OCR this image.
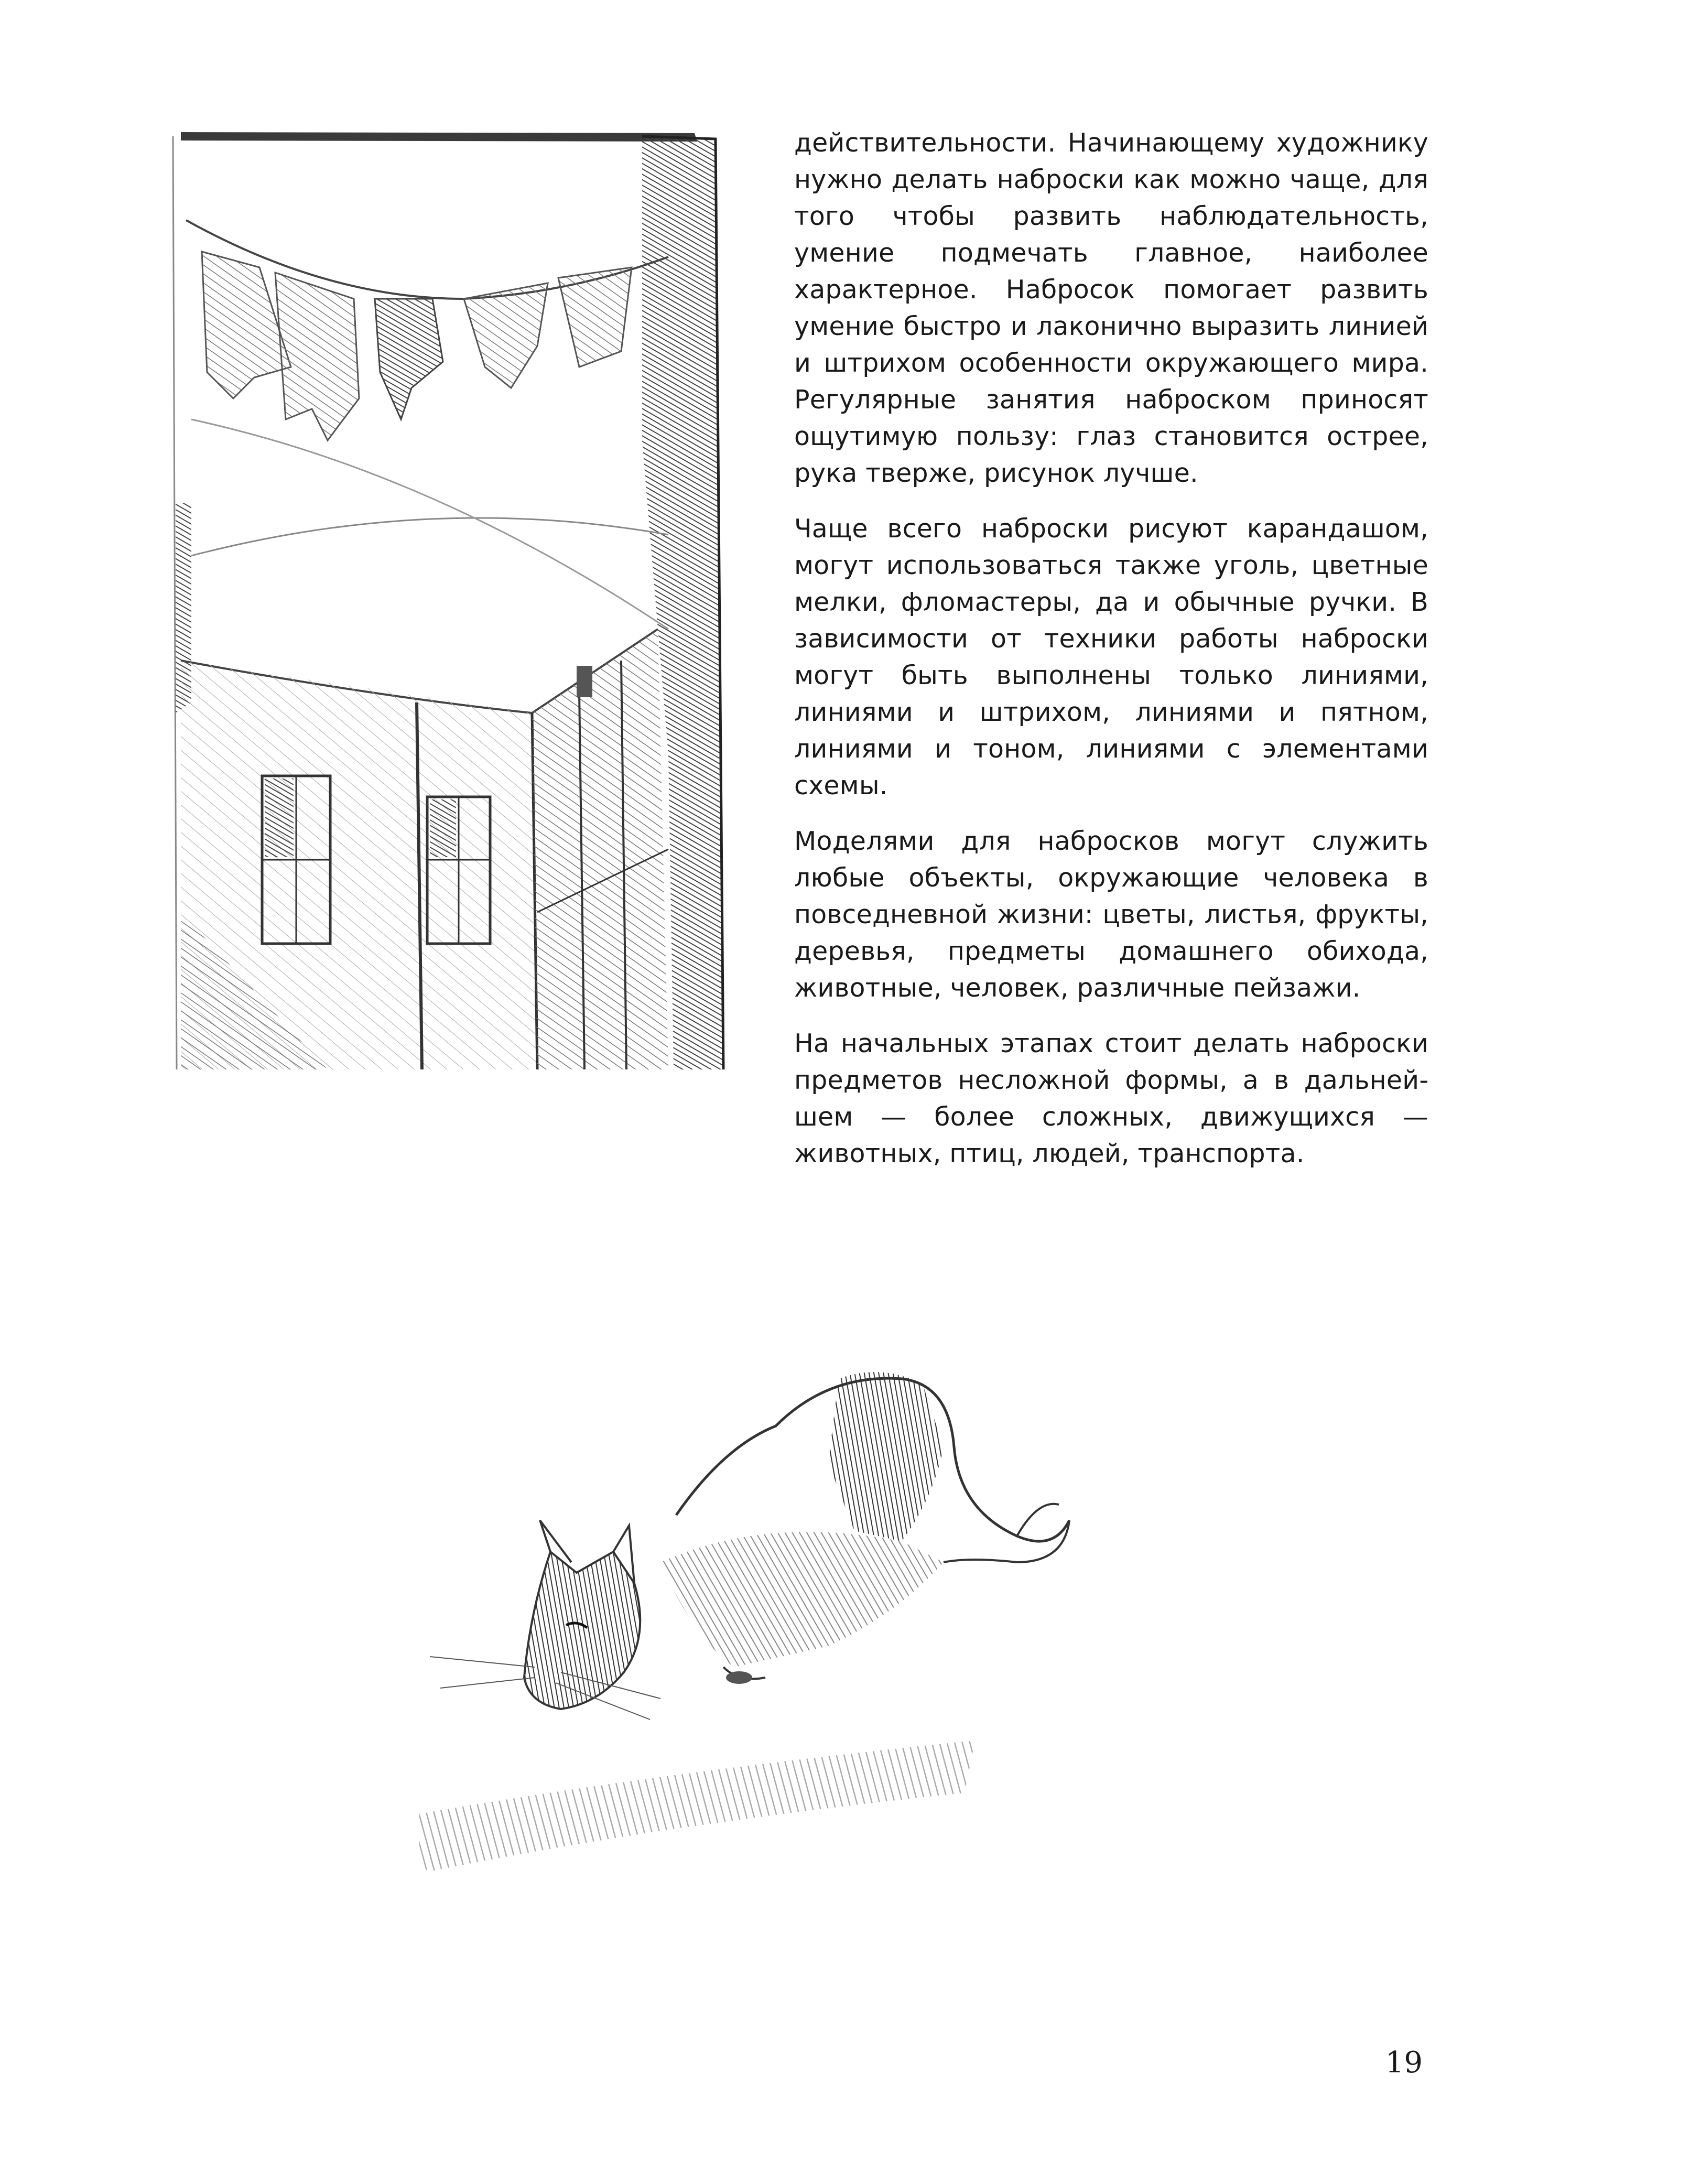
действительности. Начинающему художнику нужно делать наброски как можно чаще, для того чтобы развить наблюдательность, умение подмечать главное, наиболее характерное. Набросок помогает развить умение быстро и лаконично выразить линией и штрихом особенности окружающего мира. Регулярные занятия наброском приносят ощутимую пользу: глаз становится острее, рука тверже, рисунок лучше.

Чаще всего наброски рисуют карандашом, могут использоваться также уголь, цветные мелки, фломастеры, да и обычные ручки. В зависимости от техники работы наброски могут быть выполнены только линиями, линиями и штрихом, линиями и пятном, линиями и тоном, линиями с элементами схемы.

Моделями для набросков могут служить любые объекты, окружающие человека в повседневной жизни: цветы, листья, фрукты, деревья, предметы домашнего обихода, животные, человек, различные пейзажи.

На начальных этапах стоит делать наброски предметов несложной формы, а в дальнейшем — более сложных, движущихся — животных, птиц, людей, транспорта.

19
